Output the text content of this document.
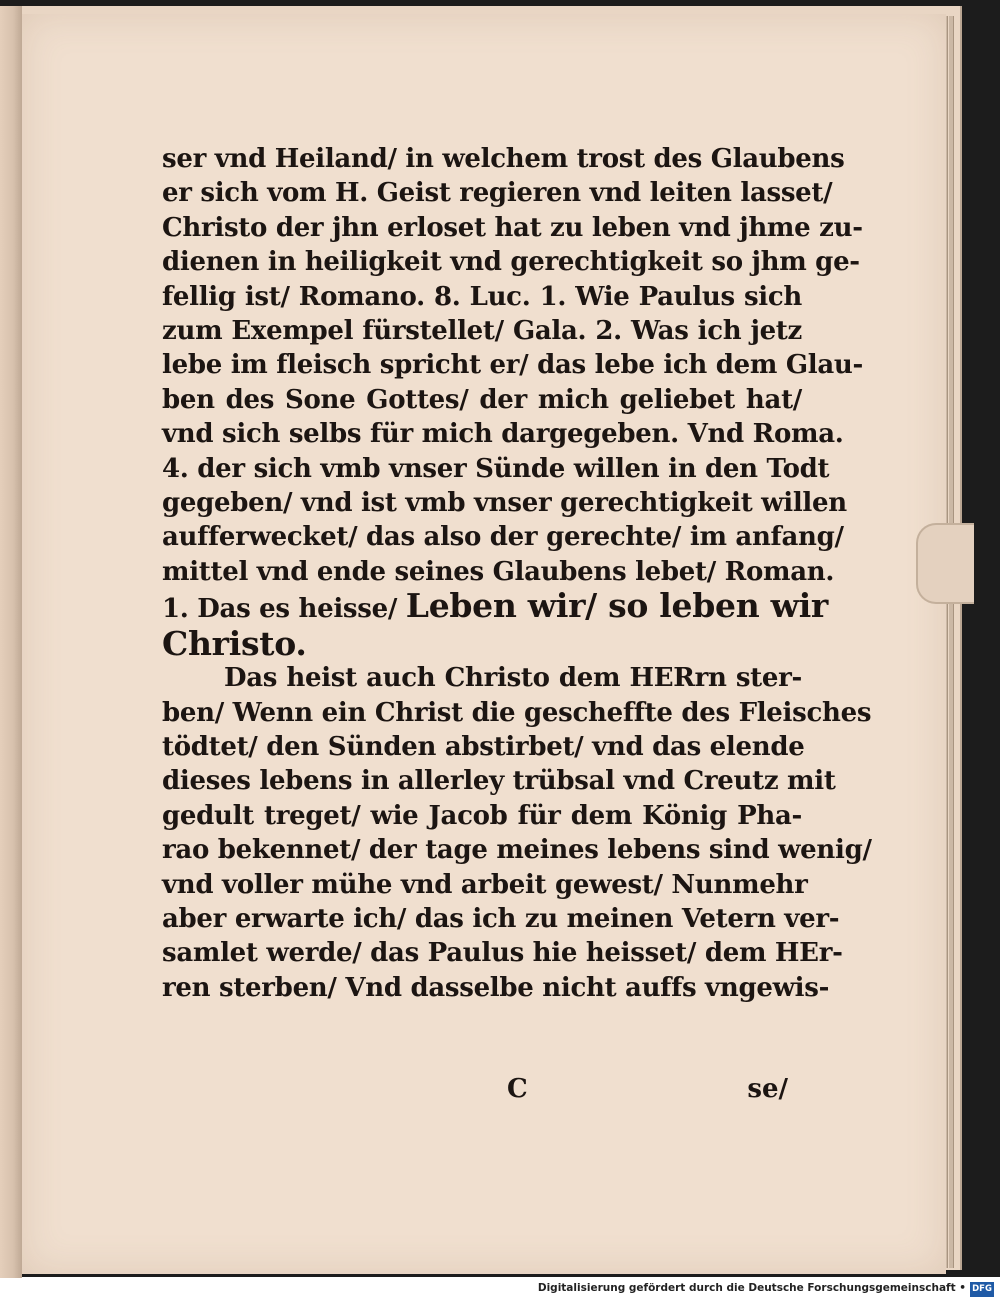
ser vnd Heiland/ in welchem trost des Glaubens
er sich vom H. Geist regieren vnd leiten lasset/
Christo der jhn erloset hat zu leben vnd jhme zu-
dienen in heiligkeit vnd gerechtigkeit so jhm ge-
fellig ist/ Romano. 8. Luc. 1. Wie Paulus sich
zum Exempel fürstellet/ Gala. 2. Was ich jetz
lebe im fleisch spricht er/ das lebe ich dem Glau-
ben des Sone Gottes/ der mich geliebet hat/
vnd sich selbs für mich dargegeben. Vnd Roma.
4. der sich vmb vnser Sünde willen in den Todt
gegeben/ vnd ist vmb vnser gerechtigkeit willen
aufferwecket/ das also der gerechte/ im anfang/
mittel vnd ende seines Glaubens lebet/ Roman.
1. Das es heisse/ Leben wir/ so leben wir
Christo.
Das heist auch Christo dem HERrn ster-
ben/ Wenn ein Christ die gescheffte des Fleisches
tödtet/ den Sünden abstirbet/ vnd das elende
dieses lebens in allerley trübsal vnd Creutz mit
gedult treget/ wie Jacob für dem König Pha-
rao bekennet/ der tage meines lebens sind wenig/
vnd voller mühe vnd arbeit gewest/ Nunmehr
aber erwarte ich/ das ich zu meinen Vetern ver-
samlet werde/ das Paulus hie heisset/ dem HEr-
ren sterben/ Vnd dasselbe nicht auffs vngewis-
C	se/
Digitalisierung gefördert durch die Deutsche Forschungsgemeinschaft • DFG
